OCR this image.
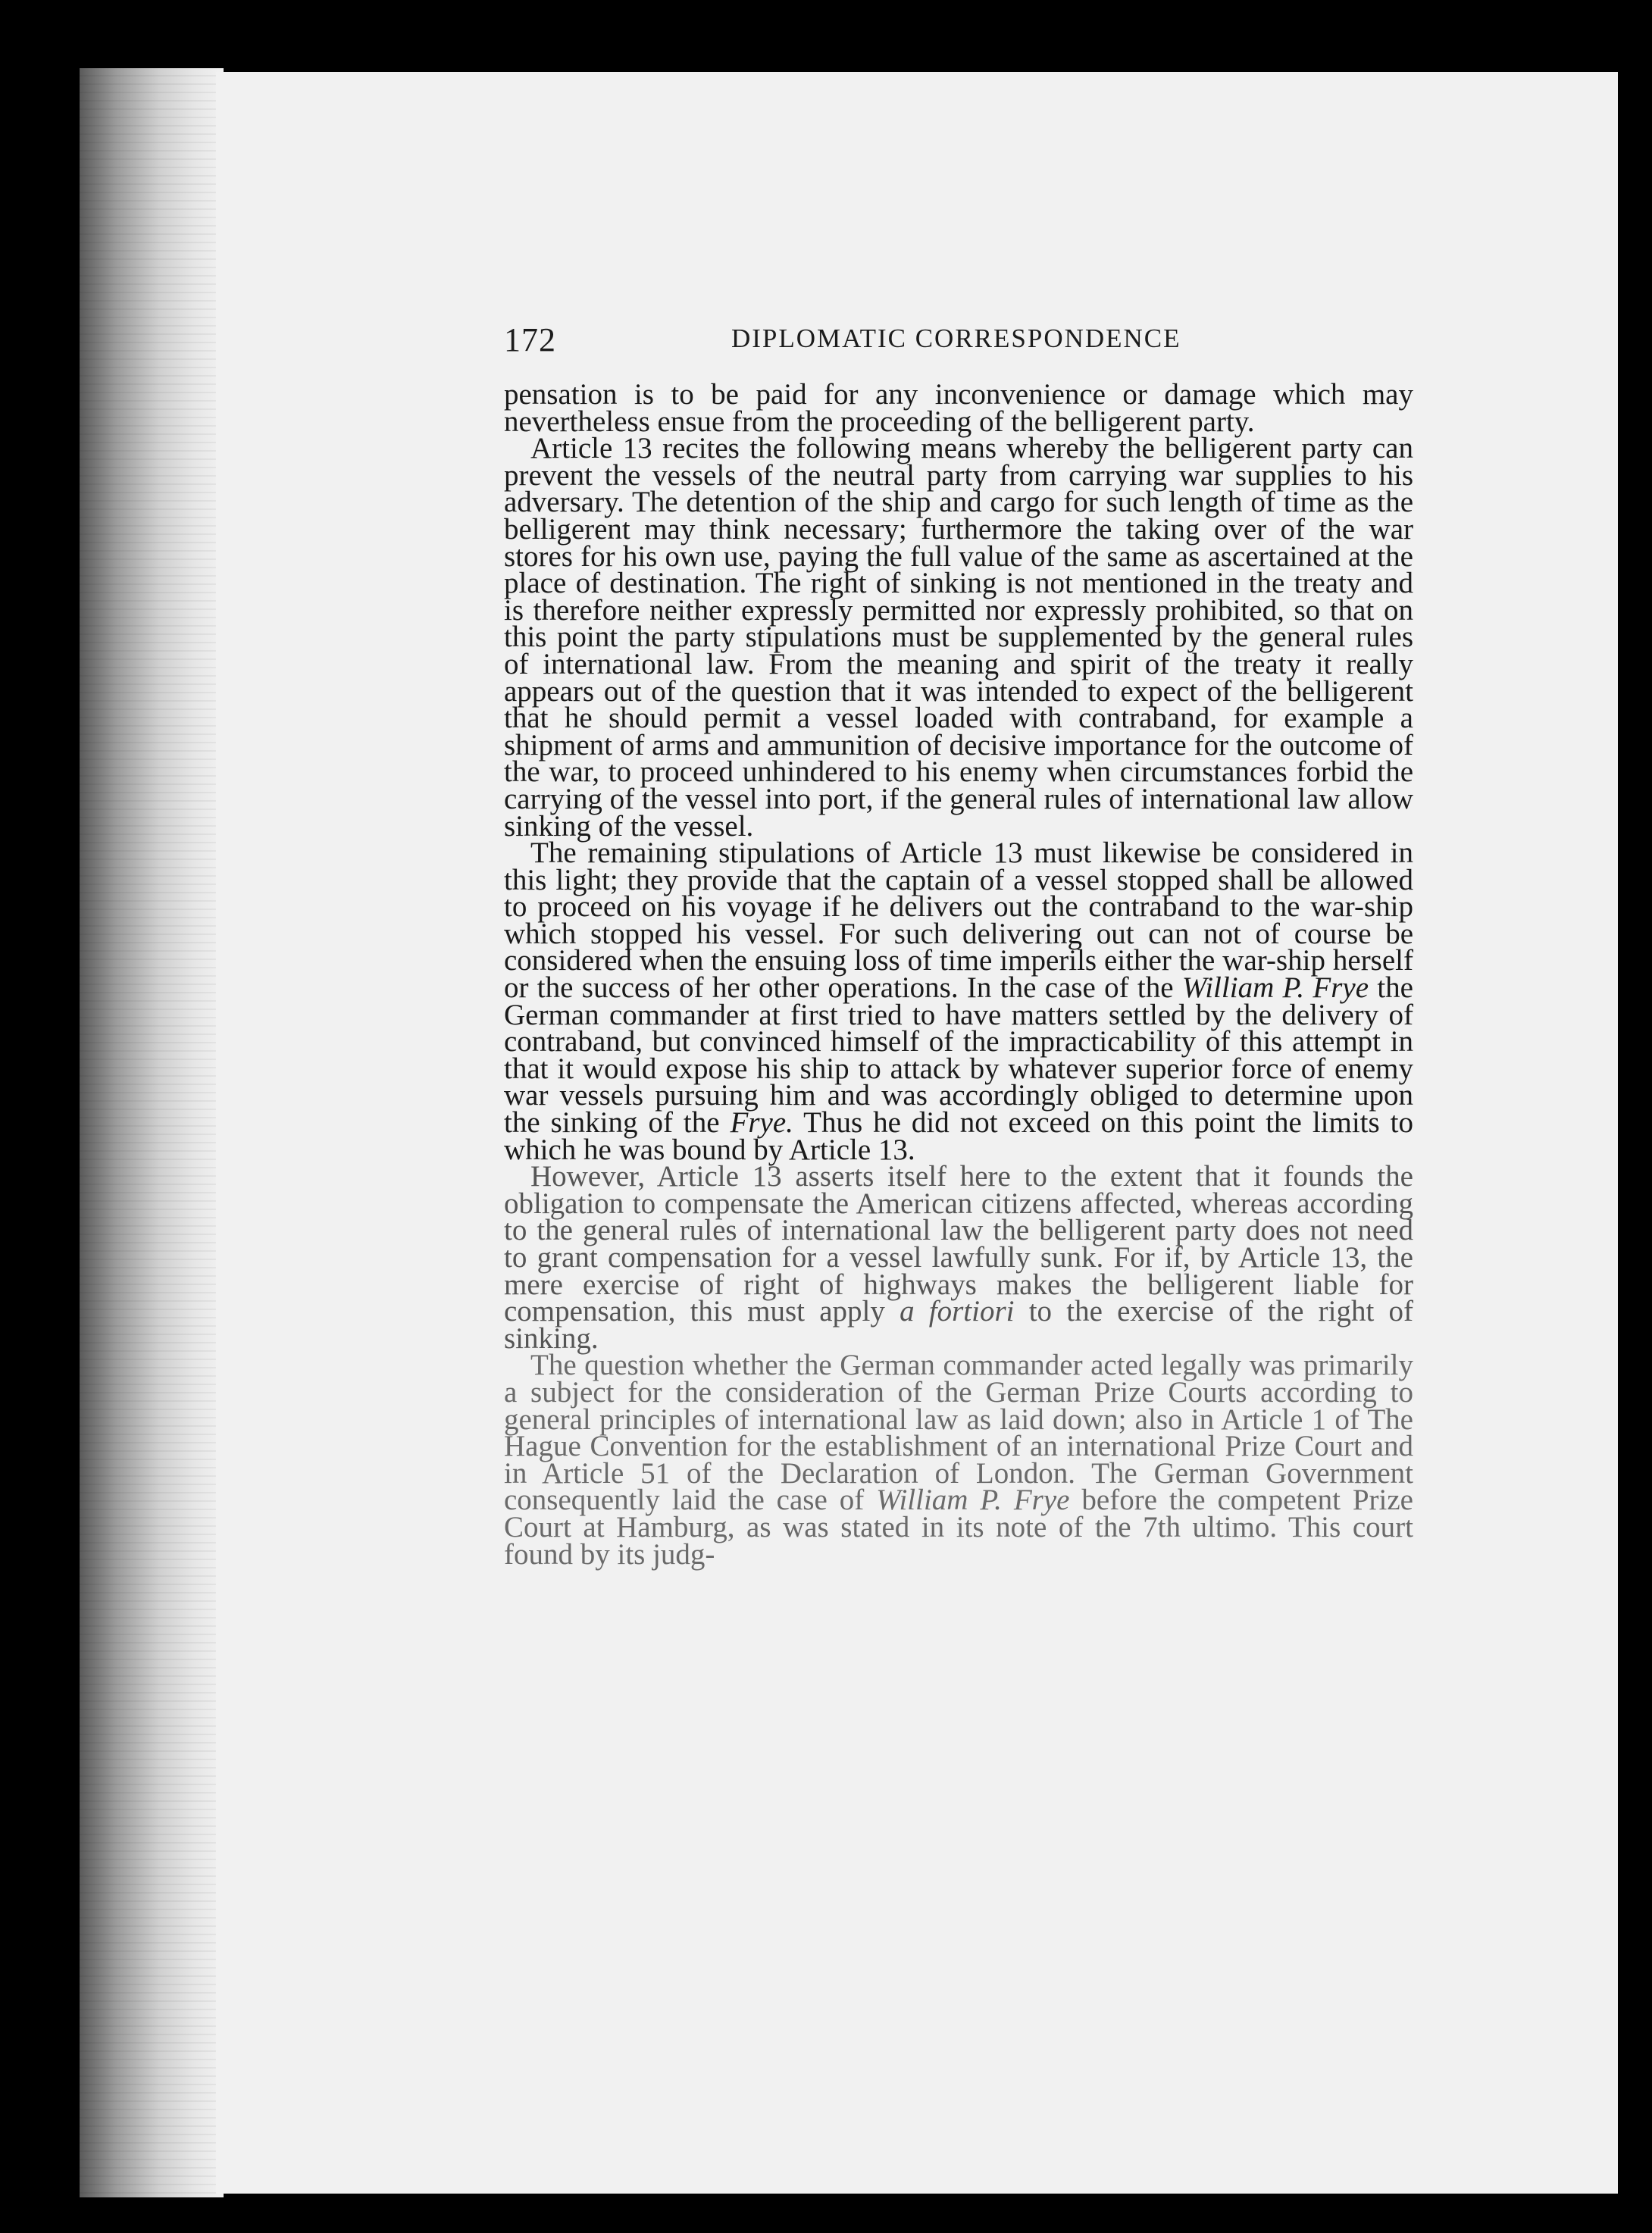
172	DIPLOMATIC CORRESPONDENCE

pensation is to be paid for any inconvenience or damage which may nevertheless ensue from the proceeding of the belligerent party.

Article 13 recites the following means whereby the belligerent party can prevent the vessels of the neutral party from carrying war supplies to his adversary. The detention of the ship and cargo for such length of time as the belligerent may think necessary; furthermore the taking over of the war stores for his own use, paying the full value of the same as ascertained at the place of destination. The right of sinking is not mentioned in the treaty and is therefore neither expressly permitted nor expressly prohibited, so that on this point the party stipulations must be supplemented by the general rules of international law. From the meaning and spirit of the treaty it really appears out of the question that it was intended to expect of the belligerent that he should permit a vessel loaded with contraband, for example a shipment of arms and ammunition of decisive importance for the outcome of the war, to proceed unhindered to his enemy when circumstances forbid the carrying of the vessel into port, if the general rules of international law allow sinking of the vessel.

The remaining stipulations of Article 13 must likewise be considered in this light; they provide that the captain of a vessel stopped shall be allowed to proceed on his voyage if he delivers out the contraband to the war-ship which stopped his vessel. For such delivering out can not of course be considered when the ensuing loss of time imperils either the war-ship herself or the success of her other operations. In the case of the William P. Frye the German commander at first tried to have matters settled by the delivery of contraband, but convinced himself of the impracticability of this attempt in that it would expose his ship to attack by whatever superior force of enemy war vessels pursuing him and was accordingly obliged to determine upon the sinking of the Frye. Thus he did not exceed on this point the limits to which he was bound by Article 13.

However, Article 13 asserts itself here to the extent that it founds the obligation to compensate the American citizens affected, whereas according to the general rules of international law the belligerent party does not need to grant compensation for a vessel lawfully sunk. For if, by Article 13, the mere exercise of right of highways makes the belligerent liable for compensation, this must apply a fortiori to the exercise of the right of sinking.

The question whether the German commander acted legally was primarily a subject for the consideration of the German Prize Courts according to general principles of international law as laid down; also in Article 1 of The Hague Convention for the establishment of an international Prize Court and in Article 51 of the Declaration of London. The German Government consequently laid the case of William P. Frye before the competent Prize Court at Hamburg, as was stated in its note of the 7th ultimo. This court found by its judg-
